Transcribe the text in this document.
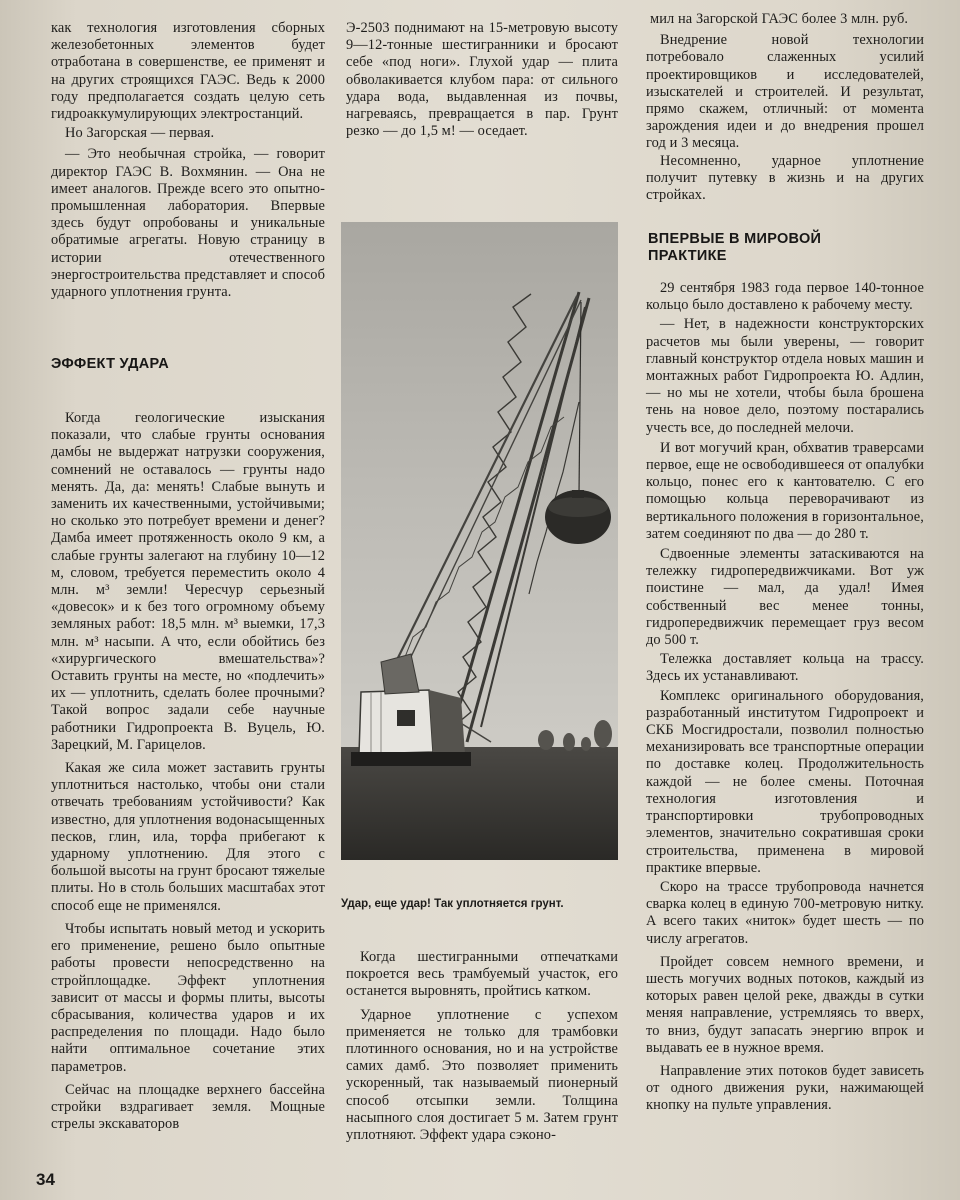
как технология изготовления сборных железобетонных элементов будет отработана в совершенстве, ее применят и на других строящихся ГАЭС. Ведь к 2000 году предполагается создать целую сеть гидроаккумулирующих электростанций.

Но Загорская — первая.

— Это необычная стройка, — говорит директор ГАЭС В. Вохмянин. — Она не имеет аналогов. Прежде всего это опытно-промышленная лаборатория. Впервые здесь будут опробованы и уникальные обратимые агрегаты. Новую страницу в истории отечественного энергостроительства представляет и способ ударного уплотнения грунта.

ЭФФЕКТ УДАРА

Когда геологические изыскания показали, что слабые грунты основания дамбы не выдержат натрузки сооружения, сомнений не оставалось — грунты надо менять. Да, да: менять! Слабые вынуть и заменить их качественными, устойчивыми; но сколько это потребует времени и денег? Дамба имеет протяженность около 9 км, а слабые грунты залегают на глубину 10—12 м, словом, требуется переместить около 4 млн. м³ земли! Чересчур серьезный «довесок» и к без того огромному объему земляных работ: 18,5 млн. м³ выемки, 17,3 млн. м³ насыпи. А что, если обойтись без «хирургического вмешательства»? Оставить грунты на месте, но «подлечить» их — уплотнить, сделать более прочными? Такой вопрос задали себе научные работники Гидропроекта В. Вуцель, Ю. Зарецкий, М. Гарицелов.

Какая же сила может заставить грунты уплотниться настолько, чтобы они стали отвечать требованиям устойчивости? Как известно, для уплотнения водонасыщенных песков, глин, ила, торфа прибегают к ударному уплотнению. Для этого с большой высоты на грунт бросают тяжелые плиты. Но в столь больших масштабах этот способ еще не применялся.

Чтобы испытать новый метод и ускорить его применение, решено было опытные работы провести непосредственно на стройплощадке. Эффект уплотнения зависит от массы и формы плиты, высоты сбрасывания, количества ударов и их распределения по площади. Надо было найти оптимальное сочетание этих параметров.

Сейчас на площадке верхнего бассейна стройки вздрагивает земля. Мощные стрелы экскаваторов

Э-2503 поднимают на 15-метровую высоту 9—12-тонные шестигранники и бросают себе «под ноги». Глухой удар — плита обволакивается клубом пара: от сильного удара вода, выдавленная из почвы, нагреваясь, превращается в пар. Грунт резко — до 1,5 м! — оседает.

Удар, еще удар! Так уплотняется грунт.

Когда шестигранными отпечатками покроется весь трамбуемый участок, его останется выровнять, пройтись катком.

Ударное уплотнение с успехом применяется не только для трамбовки плотинного основания, но и на устройстве самих дамб. Это позволяет применить ускоренный, так называемый пионерный способ отсыпки земли. Толщина насыпного слоя достигает 5 м. Затем грунт уплотняют. Эффект удара сэконо-

мил на Загорской ГАЭС более 3 млн. руб.

Внедрение новой технологии потребовало слаженных усилий проектировщиков и исследователей, изыскателей и строителей. И результат, прямо скажем, отличный: от момента зарождения идеи и до внедрения прошел год и 3 месяца.

Несомненно, ударное уплотнение получит путевку в жизнь и на других стройках.

ВПЕРВЫЕ В МИРОВОЙ ПРАКТИКЕ

29 сентября 1983 года первое 140-тонное кольцо было доставлено к рабочему месту.

— Нет, в надежности конструкторских расчетов мы были уверены, — говорит главный конструктор отдела новых машин и монтажных работ Гидропроекта Ю. Адлин, — но мы не хотели, чтобы была брошена тень на новое дело, поэтому постарались учесть все, до последней мелочи.

И вот могучий кран, обхватив траверсами первое, еще не освободившееся от опалубки кольцо, понес его к кантователю. С его помощью кольца переворачивают из вертикального положения в горизонтальное, затем соединяют по два — до 280 т.

Сдвоенные элементы затаскиваются на тележку гидропередвижчиками. Вот уж поистине — мал, да удал! Имея собственный вес менее тонны, гидропередвижчик перемещает груз весом до 500 т.

Тележка доставляет кольца на трассу. Здесь их устанавливают.

Комплекс оригинального оборудования, разработанный институтом Гидропроект и СКБ Мосгидростали, позволил полностью механизировать все транспортные операции по доставке колец. Продолжительность каждой — не более смены. Поточная технология изготовления и транспортировки трубопроводных элементов, значительно сократившая сроки строительства, применена в мировой практике впервые.

Скоро на трассе трубопровода начнется сварка колец в единую 700-метровую нитку. А всего таких «ниток» будет шесть — по числу агрегатов.

Пройдет совсем немного времени, и шесть могучих водных потоков, каждый из которых равен целой реке, дважды в сутки меняя направление, устремляясь то вверх, то вниз, будут запасать энергию впрок и выдавать ее в нужное время.

Направление этих потоков будет зависеть от одного движения руки, нажимающей кнопку на пульте управления.

34
